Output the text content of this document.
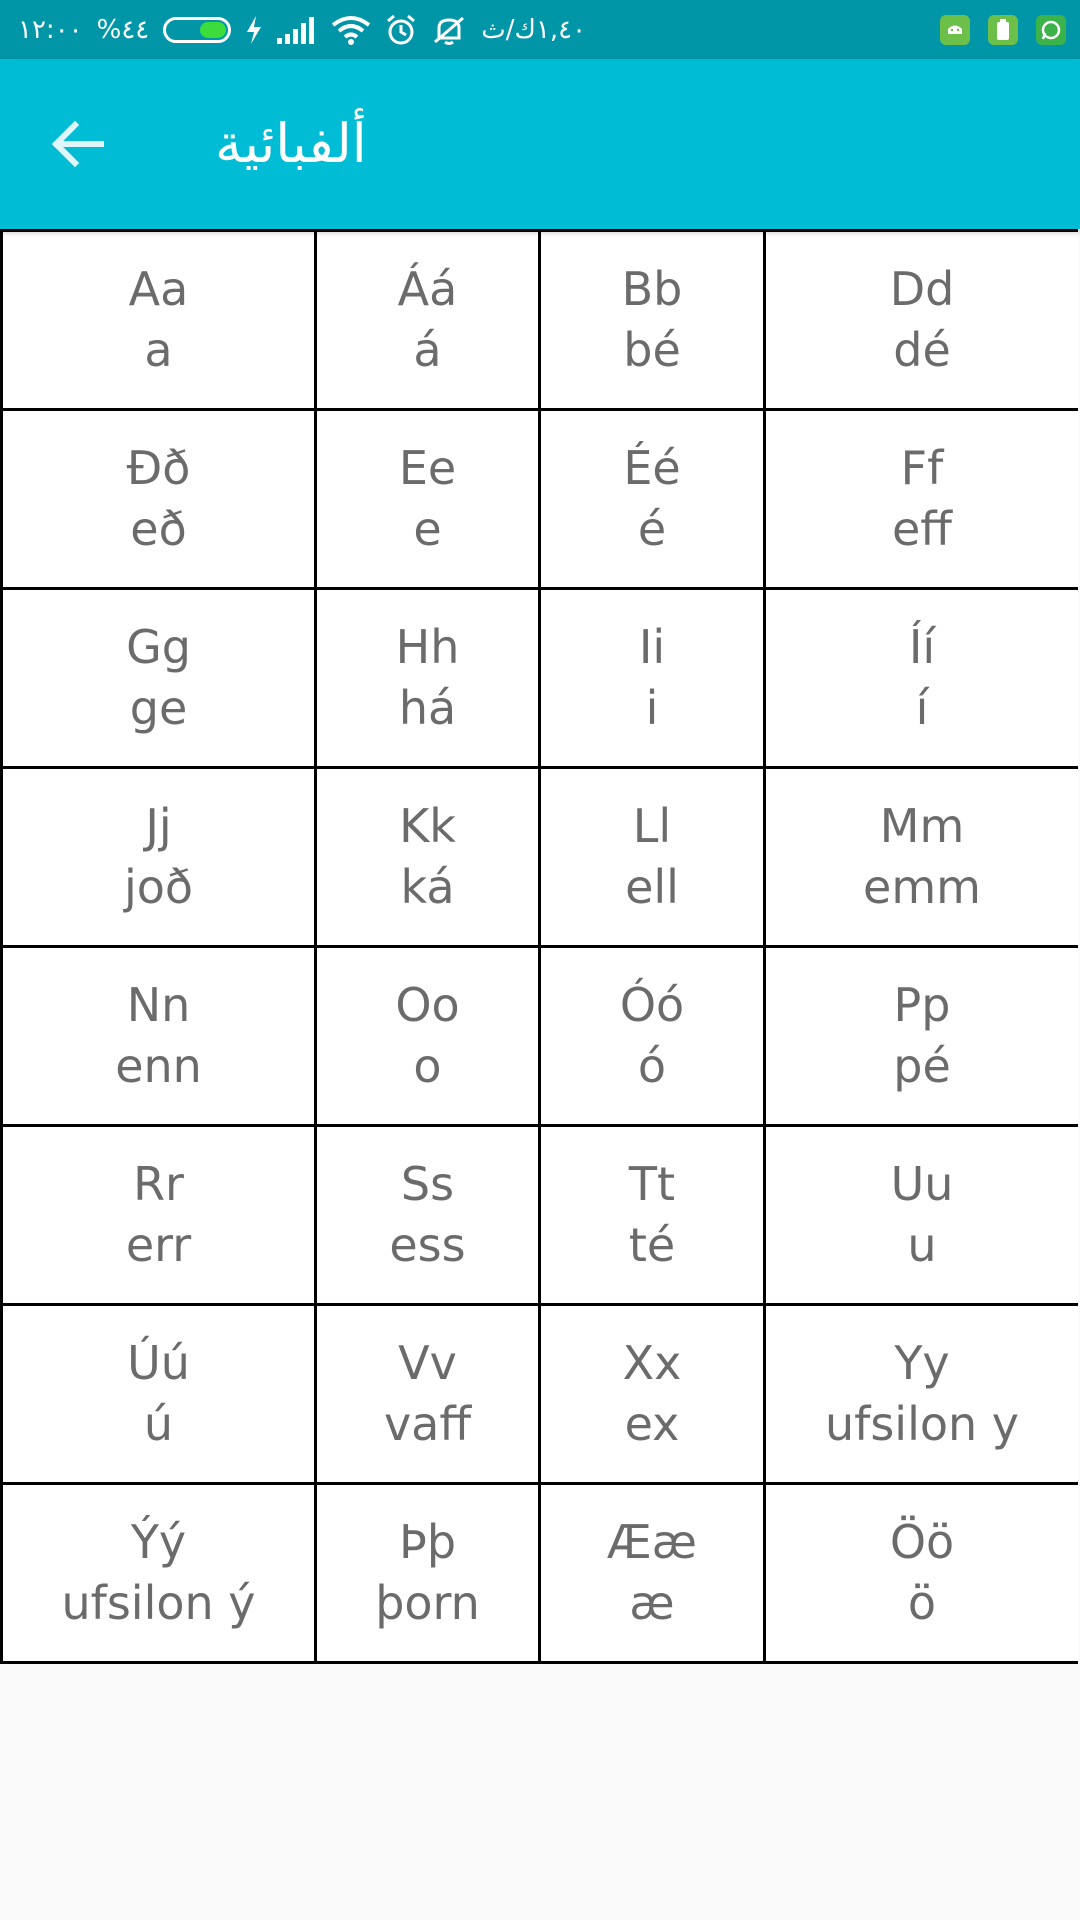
١٢:٠٠ %٤٤	١,٤٠ك/ث
ألفبائية
Aa
a
Áá
á
Bb
bé
Dd
dé
Ðð
eð
Ee
e
Éé
é
Ff
eff
Gg
ge
Hh
há
Ii
i
Íí
í
Jj
joð
Kk
ká
Ll
ell
Mm
emm
Nn
enn
Oo
o
Óó
ó
Pp
pé
Rr
err
Ss
ess
Tt
té
Uu
u
Úú
ú
Vv
vaff
Xx
ex
Yy
ufsilon y
Ýý
ufsilon ý
Þþ
þorn
Ææ
æ
Öö
ö
